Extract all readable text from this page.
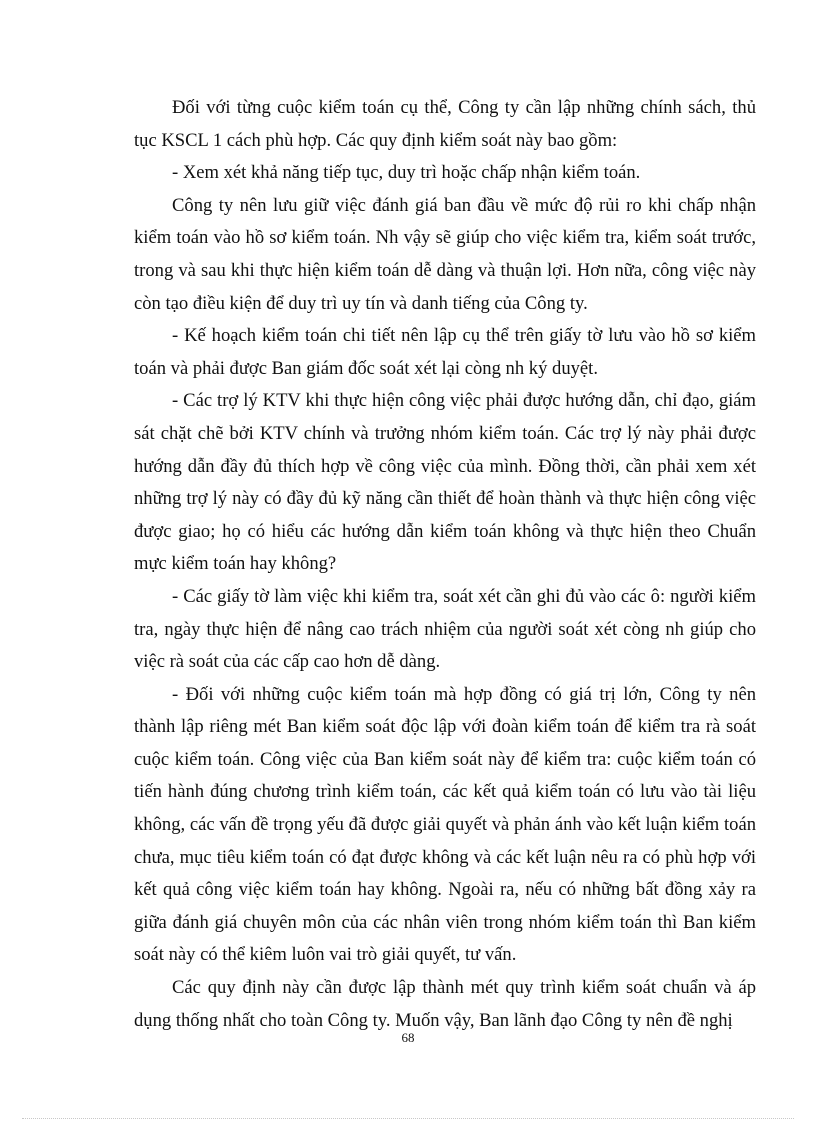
Đối với từng cuộc kiểm toán cụ thể, Công ty cần lập những chính sách, thủ tục KSCL 1 cách phù hợp. Các quy định kiểm soát này bao gồm:

- Xem xét khả năng tiếp tục, duy trì hoặc chấp nhận kiểm toán.

Công ty nên lưu giữ việc đánh giá ban đầu về mức độ rủi ro khi chấp nhận kiểm toán vào hồ sơ kiểm toán. Nh vậy sẽ giúp cho việc kiểm tra, kiểm soát trước, trong và sau khi thực hiện kiểm toán dễ dàng và thuận lợi. Hơn nữa, công việc này còn tạo điều kiện để duy trì uy tín và danh tiếng của Công ty.

- Kế hoạch kiểm toán chi tiết nên lập cụ thể trên giấy tờ lưu vào hồ sơ kiểm toán và phải được Ban giám đốc soát xét lại còng nh ký duyệt.

- Các trợ lý KTV khi thực hiện công việc phải được hướng dẫn, chỉ đạo, giám sát chặt chẽ bởi KTV chính và trưởng nhóm kiểm toán. Các trợ lý này phải được hướng dẫn đầy đủ thích hợp về công việc của mình. Đồng thời, cần phải xem xét những trợ lý này có đầy đủ kỹ năng cần thiết để hoàn thành và thực hiện công việc được giao; họ có hiểu các hướng dẫn kiểm toán không và thực hiện theo Chuẩn mực kiểm toán hay không?

- Các giấy tờ làm việc khi kiểm tra, soát xét cần ghi đủ vào các ô: người kiểm tra, ngày thực hiện để nâng cao trách nhiệm của người soát xét còng nh giúp cho việc rà soát của các cấp cao hơn dễ dàng.

- Đối với những cuộc kiểm toán mà hợp đồng có giá trị lớn, Công ty nên thành lập riêng mét Ban kiểm soát độc lập với đoàn kiểm toán để kiểm tra rà soát cuộc kiểm toán. Công việc của Ban kiểm soát này để kiểm tra: cuộc kiểm toán có tiến hành đúng chương trình kiểm toán, các kết quả kiểm toán có lưu vào tài liệu không, các vấn đề trọng yếu đã được giải quyết và phản ánh vào kết luận kiểm toán chưa, mục tiêu kiểm toán có đạt được không và các kết luận nêu ra có phù hợp với kết quả công việc kiểm toán hay không. Ngoài ra, nếu có những bất đồng xảy ra giữa đánh giá chuyên môn của các nhân viên trong nhóm kiểm toán thì Ban kiểm soát này có thể kiêm luôn vai trò giải quyết, tư vấn.

Các quy định này cần được lập thành mét quy trình kiểm soát chuẩn và áp dụng thống nhất cho toàn Công ty. Muốn vậy, Ban lãnh đạo Công ty nên đề nghị

68
